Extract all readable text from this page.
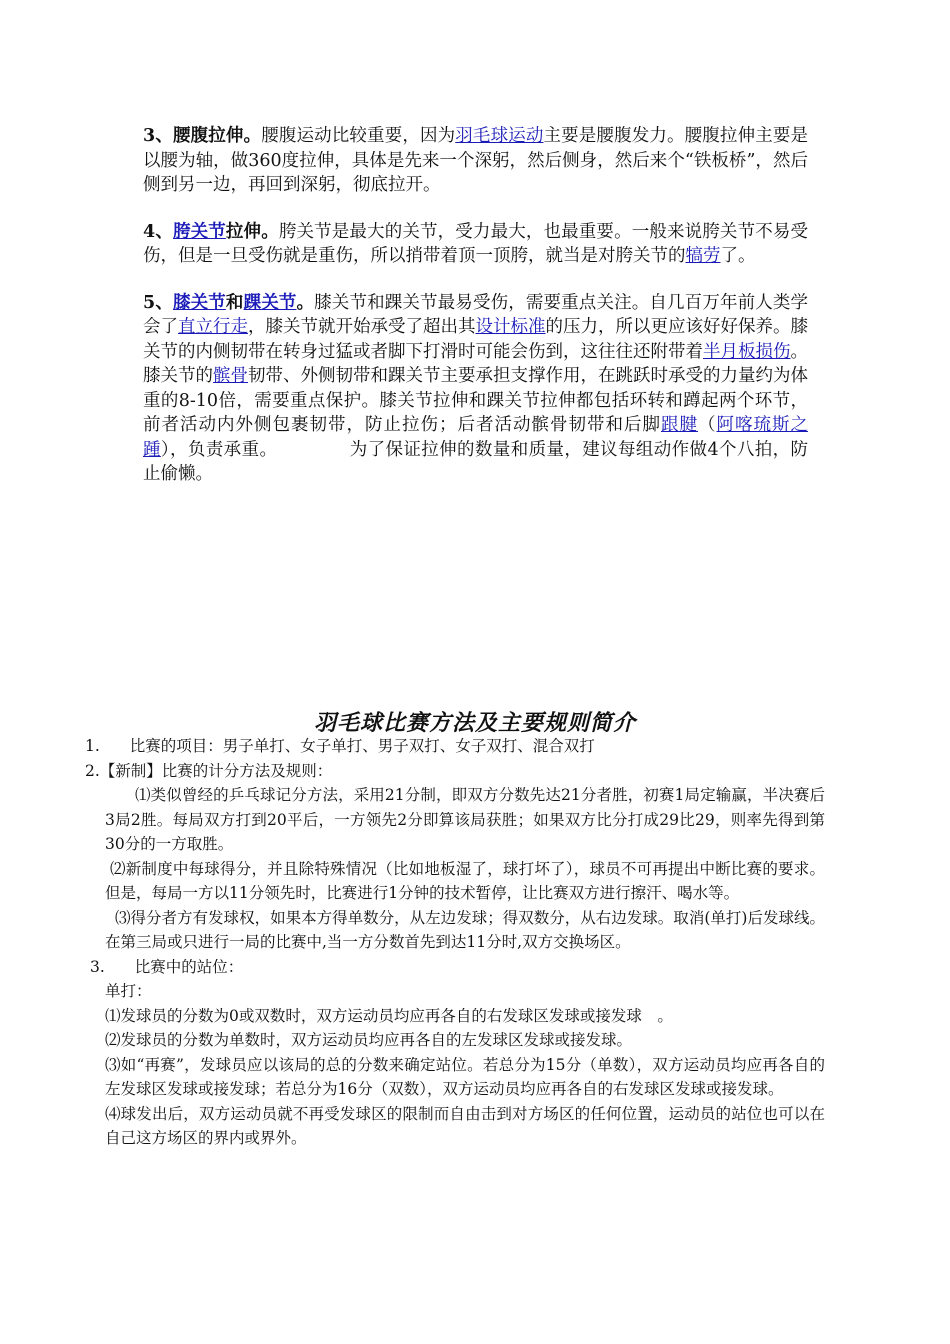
3、腰腹拉伸。腰腹运动比较重要，因为羽毛球运动主要是腰腹发力。腰腹拉伸主要是以腰为轴，做360度拉伸，具体是先来一个深躬，然后侧身，然后来个“铁板桥”，然后侧到另一边，再回到深躬，彻底拉开。

4、胯关节拉伸。胯关节是最大的关节，受力最大，也最重要。一般来说胯关节不易受伤，但是一旦受伤就是重伤，所以捎带着顶一顶胯，就当是对胯关节的犒劳了。

5、膝关节和踝关节。膝关节和踝关节最易受伤，需要重点关注。自几百万年前人类学会了直立行走，膝关节就开始承受了超出其设计标准的压力，所以更应该好好保养。膝关节的内侧韧带在转身过猛或者脚下打滑时可能会伤到，这往往还附带着半月板损伤。膝关节的髌骨韧带、外侧韧带和踝关节主要承担支撑作用，在跳跃时承受的力量约为体重的8-10倍，需要重点保护。膝关节拉伸和踝关节拉伸都包括环转和蹲起两个环节，前者活动内外侧包裹韧带，防止拉伤；后者活动髌骨韧带和后脚跟腱（阿喀琉斯之踵），负责承重。	为了保证拉伸的数量和质量，建议每组动作做4个八拍，防止偷懒。

羽毛球比赛方法及主要规则简介
1. 比赛的项目：男子单打、女子单打、男子双打、女子双打、混合双打
2.【新制】比赛的计分方法及规则：
⑴类似曾经的乒乓球记分方法，采用21分制，即双方分数先达21分者胜，初赛1局定输赢，半决赛后3局2胜。每局双方打到20平后，一方领先2分即算该局获胜；如果双方比分打成29比29，则率先得到第30分的一方取胜。
⑵新制度中每球得分，并且除特殊情况（比如地板湿了，球打坏了），球员不可再提出中断比赛的要求。但是，每局一方以11分领先时，比赛进行1分钟的技术暂停，让比赛双方进行擦汗、喝水等。
⑶得分者方有发球权，如果本方得单数分，从左边发球；得双数分，从右边发球。取消(单打)后发球线。在第三局或只进行一局的比赛中,当一方分数首先到达11分时,双方交换场区。
3. 比赛中的站位：
单打：
⑴发球员的分数为0或双数时，双方运动员均应再各自的右发球区发球或接发球　。
⑵发球员的分数为单数时，双方运动员均应再各自的左发球区发球或接发球。
⑶如“再赛”，发球员应以该局的总的分数来确定站位。若总分为15分（单数），双方运动员均应再各自的左发球区发球或接发球；若总分为16分（双数），双方运动员均应再各自的右发球区发球或接发球。
⑷球发出后，双方运动员就不再受发球区的限制而自由击到对方场区的任何位置，运动员的站位也可以在自己这方场区的界内或界外。
